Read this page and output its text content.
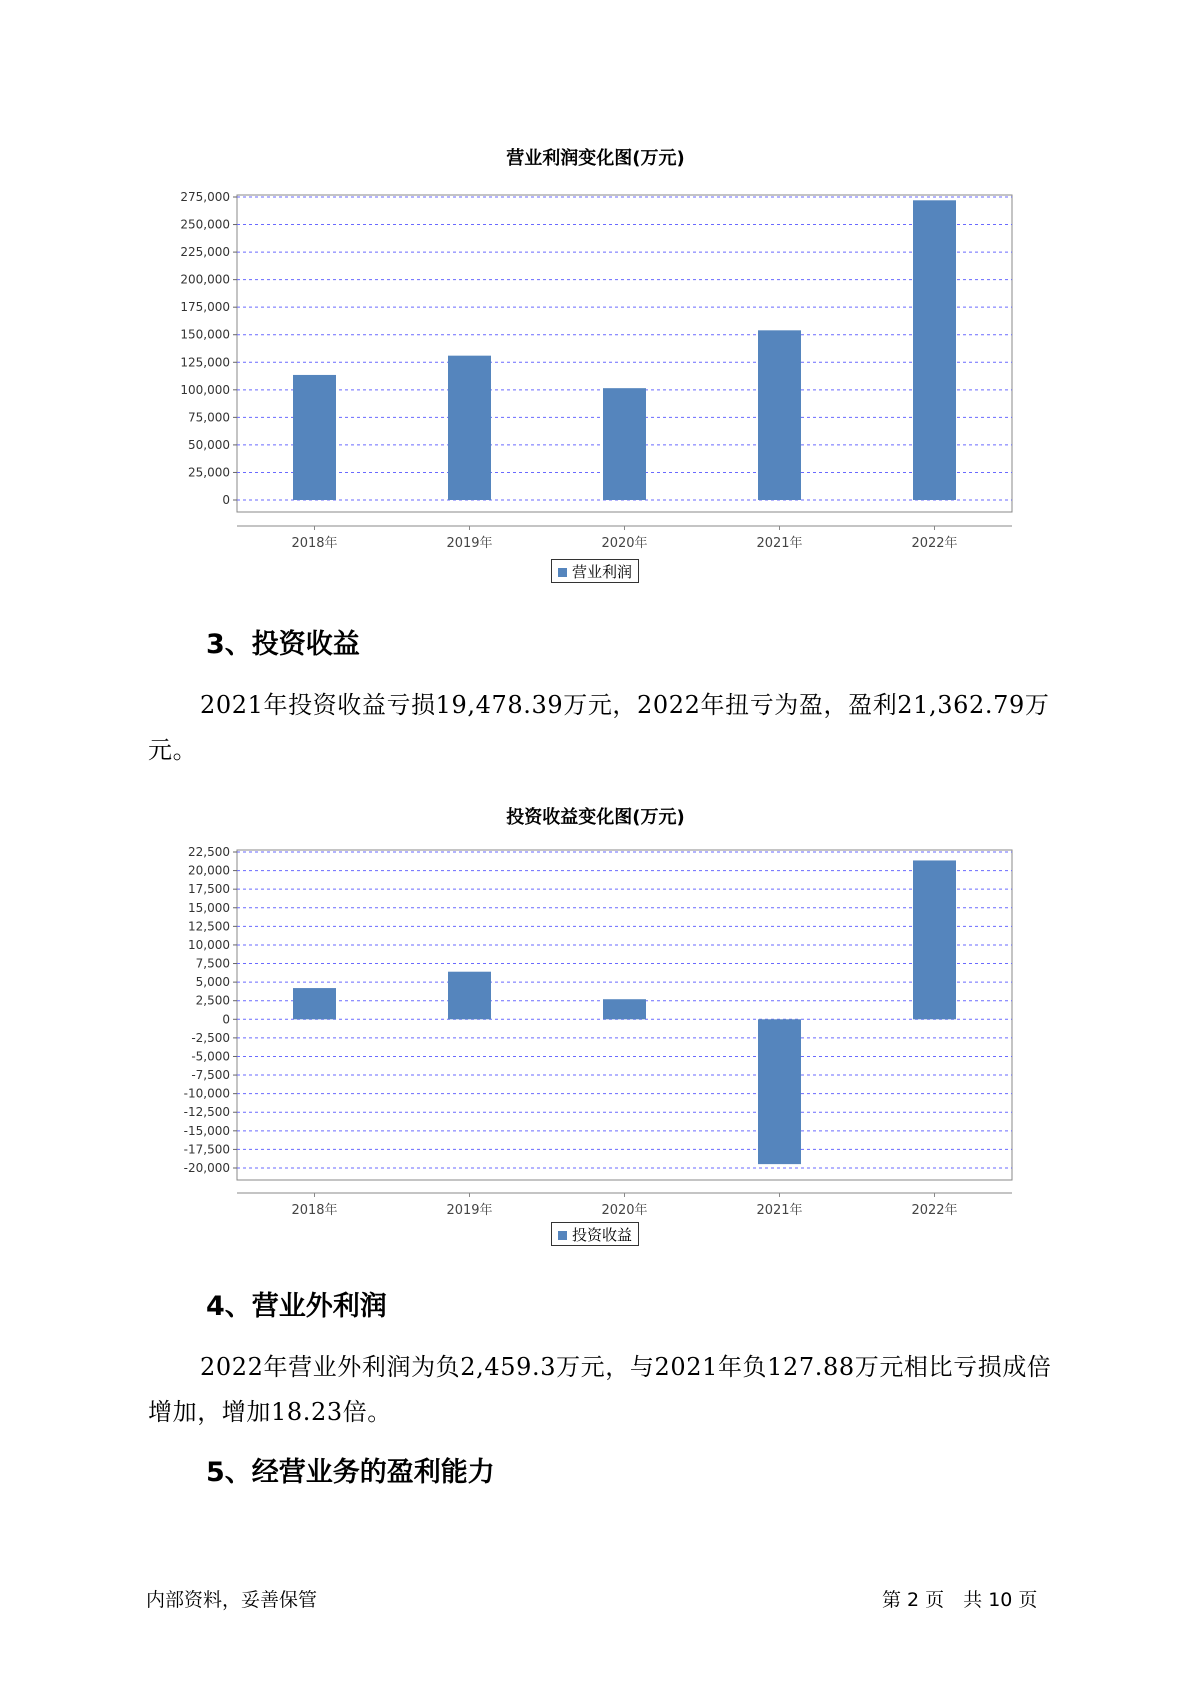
营业利润变化图(万元)
0
25,000
50,000
75,000
100,000
125,000
150,000
175,000
200,000
225,000
250,000
275,000
2018年	2019年	2020年	2021年	2022年
营业利润
3、投资收益

2021年投资收益亏损19,478.39万元，2022年扭亏为盈，盈利21,362.79万元。

投资收益变化图(万元)
-20,000
-17,500
-15,000
-12,500
-10,000
-7,500
-5,000
-2,500
0
2,500
5,000
7,500
10,000
12,500
15,000
17,500
20,000
22,500
2018年	2019年	2020年	2021年	2022年
投资收益
4、营业外利润

2022年营业外利润为负2,459.3万元，与2021年负127.88万元相比亏损成倍增加，增加18.23倍。

5、经营业务的盈利能力
内部资料，妥善保管	第 2 页　共 10 页
